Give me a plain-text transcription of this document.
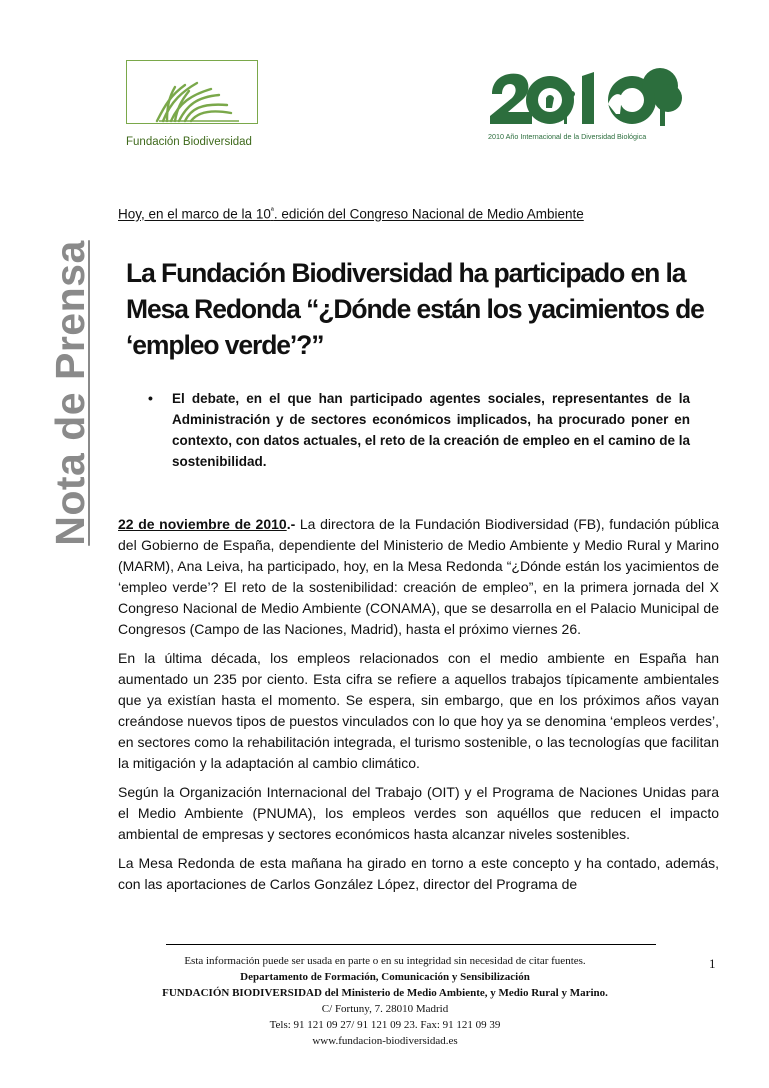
Fundación Biodiversidad	2010 Año Internacional de la Diversidad Biológica
Nota de Prensa
Hoy, en el marco de la $10^ª$. edición del Congreso Nacional de Medio Ambiente
La Fundación Biodiversidad ha participado en la Mesa Redonda “¿Dónde están los yacimientos de ‘empleo verde’?”
• El debate, en el que han participado agentes sociales, representantes de la Administración y de sectores económicos implicados, ha procurado poner en contexto, con datos actuales, el reto de la creación de empleo en el camino de la sostenibilidad.

22 de noviembre de 2010.- La directora de la Fundación Biodiversidad (FB), fundación pública del Gobierno de España, dependiente del Ministerio de Medio Ambiente y Medio Rural y Marino (MARM), Ana Leiva, ha participado, hoy, en la Mesa Redonda “¿Dónde están los yacimientos de ‘empleo verde’? El reto de la sostenibilidad: creación de empleo”, en la primera jornada del X Congreso Nacional de Medio Ambiente (CONAMA), que se desarrolla en el Palacio Municipal de Congresos (Campo de las Naciones, Madrid), hasta el próximo viernes 26.

En la última década, los empleos relacionados con el medio ambiente en España han aumentado un 235 por ciento. Esta cifra se refiere a aquellos trabajos típicamente ambientales que ya existían hasta el momento. Se espera, sin embargo, que en los próximos años vayan creándose nuevos tipos de puestos vinculados con lo que hoy ya se denomina ‘empleos verdes’, en sectores como la rehabilitación integrada, el turismo sostenible, o las tecnologías que facilitan la mitigación y la adaptación al cambio climático.

Según la Organización Internacional del Trabajo (OIT) y el Programa de Naciones Unidas para el Medio Ambiente (PNUMA), los empleos verdes son aquéllos que reducen el impacto ambiental de empresas y sectores económicos hasta alcanzar niveles sostenibles.

La Mesa Redonda de esta mañana ha girado en torno a este concepto y ha contado, además, con las aportaciones de Carlos González López, director del Programa de

Esta información puede ser usada en parte o en su integridad sin necesidad de citar fuentes.
Departamento de Formación, Comunicación y Sensibilización
FUNDACIÓN BIODIVERSIDAD del Ministerio de Medio Ambiente, y Medio Rural y Marino.
C/ Fortuny, 7. 28010 Madrid
Tels: 91 121 09 27/ 91 121 09 23. Fax: 91 121 09 39
www.fundacion-biodiversidad.es
1
